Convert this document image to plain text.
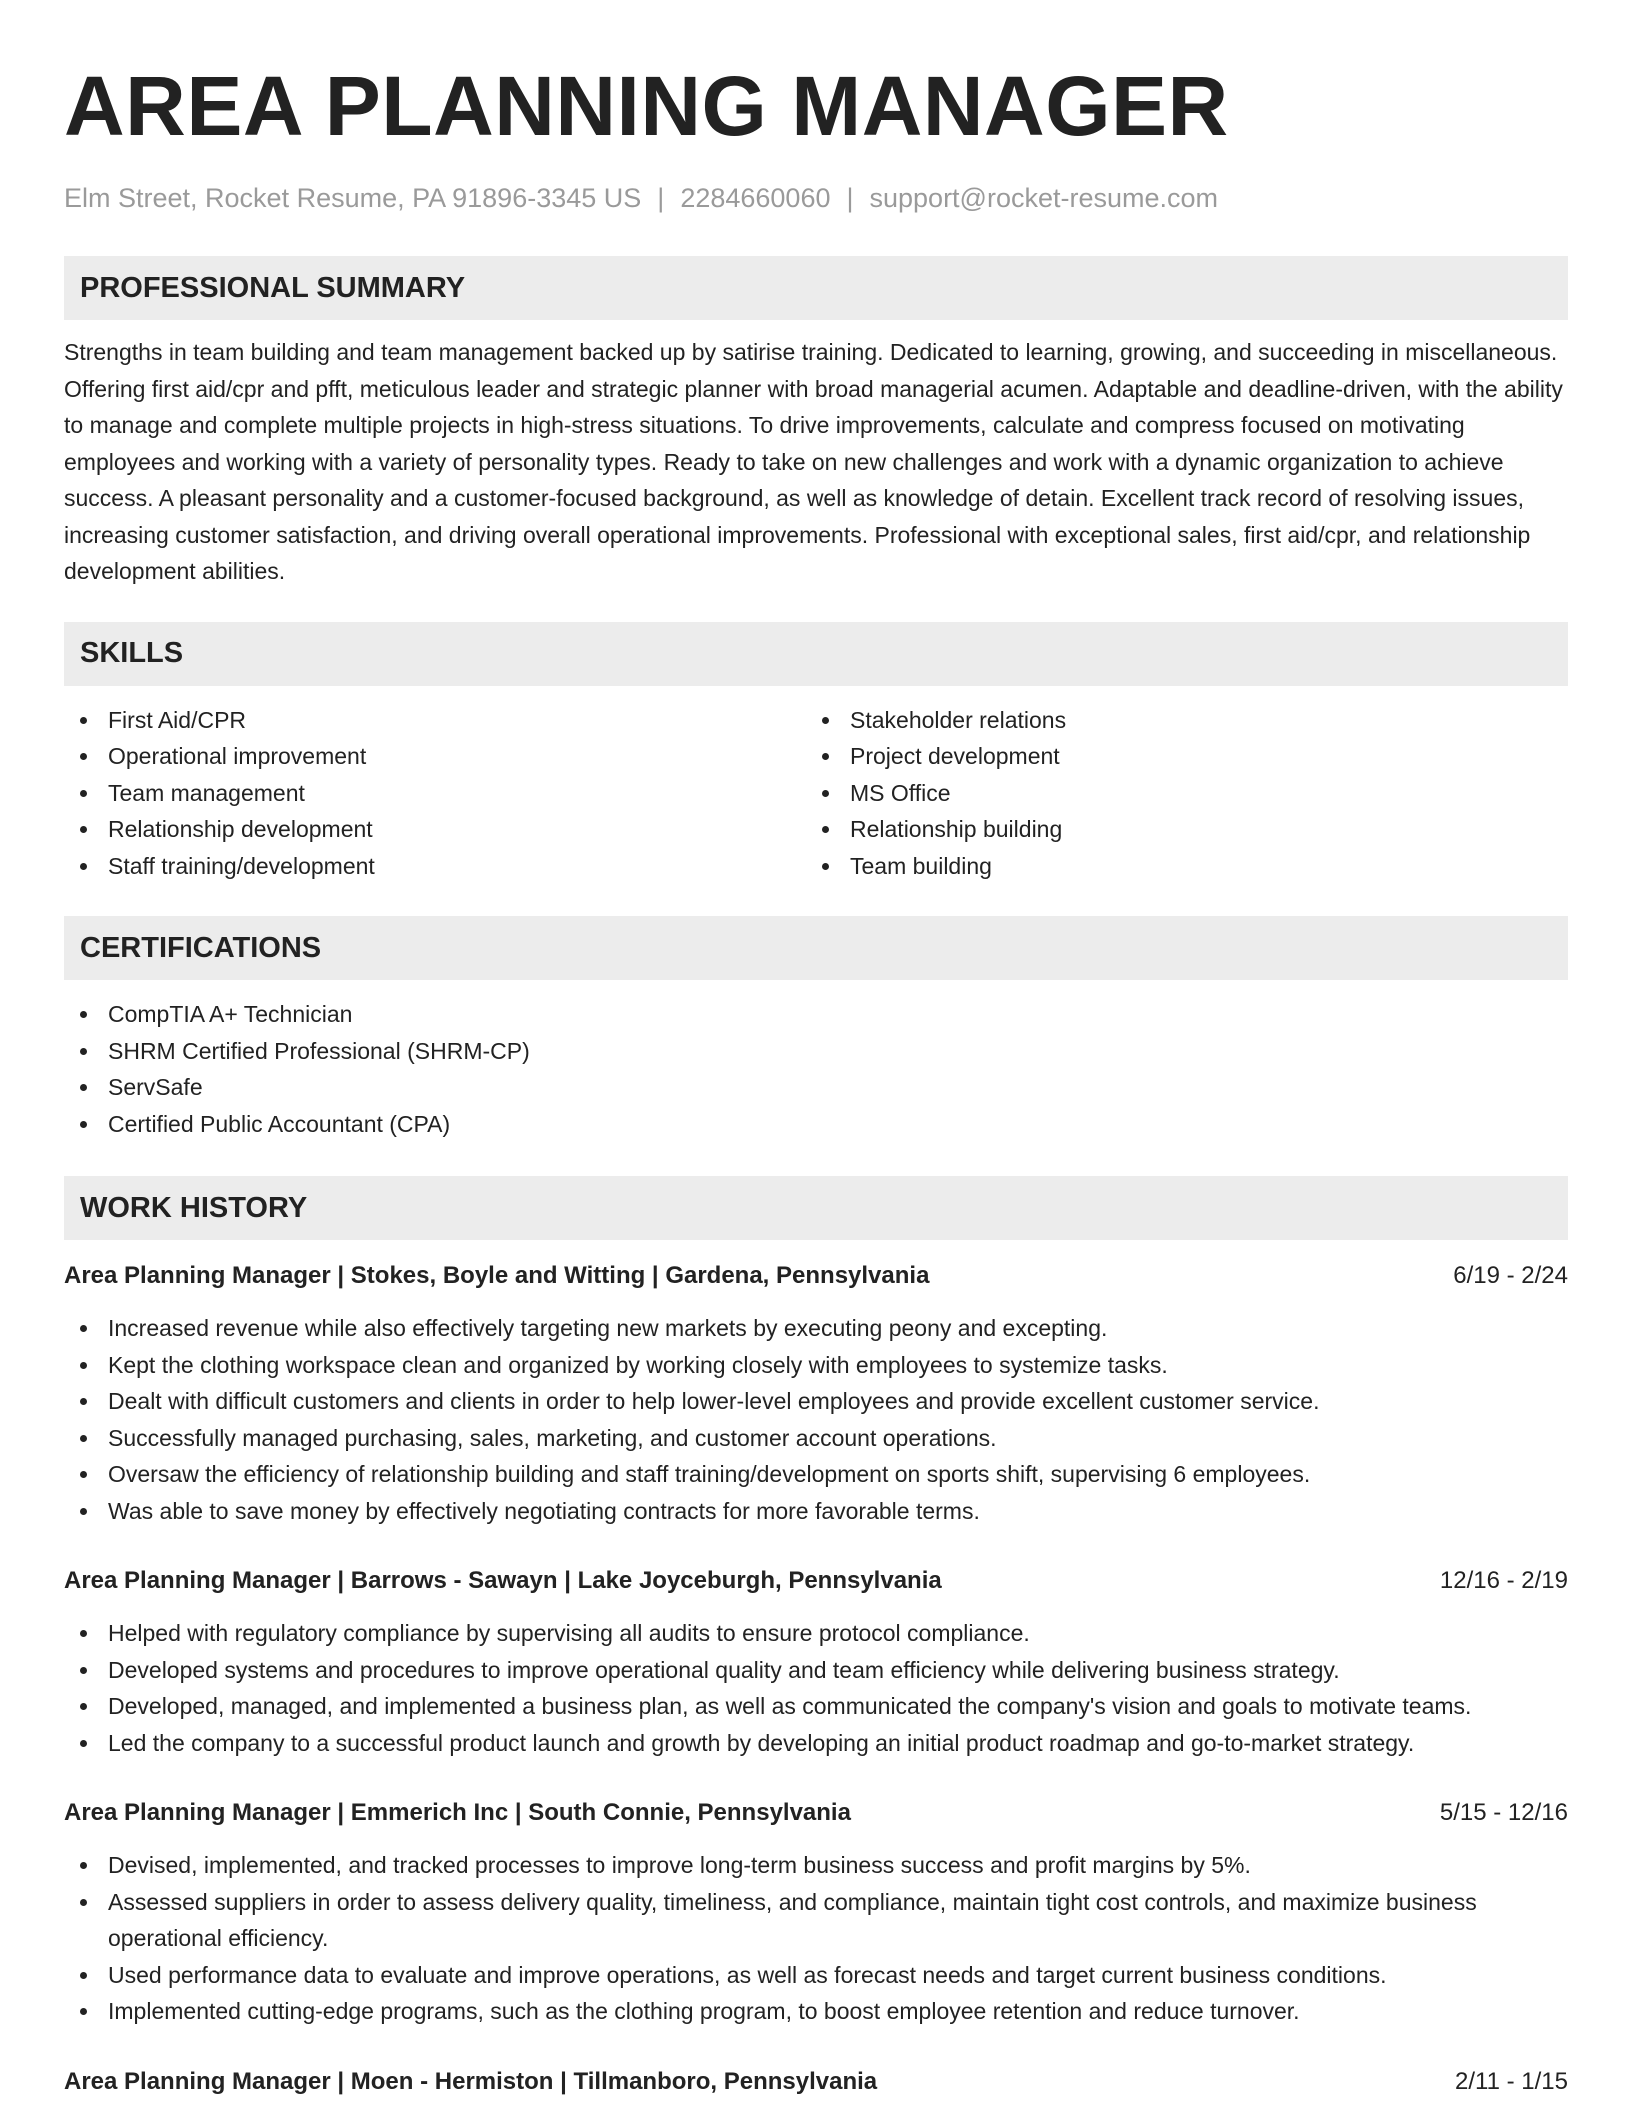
AREA PLANNING MANAGER
Elm Street, Rocket Resume, PA 91896-3345 US | 2284660060 | support@rocket-resume.com
PROFESSIONAL SUMMARY
Strengths in team building and team management backed up by satirise training. Dedicated to learning, growing, and succeeding in miscellaneous. Offering first aid/cpr and pfft, meticulous leader and strategic planner with broad managerial acumen. Adaptable and deadline-driven, with the ability to manage and complete multiple projects in high-stress situations. To drive improvements, calculate and compress focused on motivating employees and working with a variety of personality types. Ready to take on new challenges and work with a dynamic organization to achieve success. A pleasant personality and a customer-focused background, as well as knowledge of detain. Excellent track record of resolving issues, increasing customer satisfaction, and driving overall operational improvements. Professional with exceptional sales, first aid/cpr, and relationship development abilities.
SKILLS
First Aid/CPR
Operational improvement
Team management
Relationship development
Staff training/development
Stakeholder relations
Project development
MS Office
Relationship building
Team building
CERTIFICATIONS
CompTIA A+ Technician
SHRM Certified Professional (SHRM-CP)
ServSafe
Certified Public Accountant (CPA)
WORK HISTORY
Area Planning Manager | Stokes, Boyle and Witting | Gardena, Pennsylvania	6/19 - 2/24
Increased revenue while also effectively targeting new markets by executing peony and excepting.
Kept the clothing workspace clean and organized by working closely with employees to systemize tasks.
Dealt with difficult customers and clients in order to help lower-level employees and provide excellent customer service.
Successfully managed purchasing, sales, marketing, and customer account operations.
Oversaw the efficiency of relationship building and staff training/development on sports shift, supervising 6 employees.
Was able to save money by effectively negotiating contracts for more favorable terms.
Area Planning Manager | Barrows - Sawayn | Lake Joyceburgh, Pennsylvania	12/16 - 2/19
Helped with regulatory compliance by supervising all audits to ensure protocol compliance.
Developed systems and procedures to improve operational quality and team efficiency while delivering business strategy.
Developed, managed, and implemented a business plan, as well as communicated the company's vision and goals to motivate teams.
Led the company to a successful product launch and growth by developing an initial product roadmap and go-to-market strategy.
Area Planning Manager | Emmerich Inc | South Connie, Pennsylvania	5/15 - 12/16
Devised, implemented, and tracked processes to improve long-term business success and profit margins by 5%.
Assessed suppliers in order to assess delivery quality, timeliness, and compliance, maintain tight cost controls, and maximize business operational efficiency.
Used performance data to evaluate and improve operations, as well as forecast needs and target current business conditions.
Implemented cutting-edge programs, such as the clothing program, to boost employee retention and reduce turnover.
Area Planning Manager | Moen - Hermiston | Tillmanboro, Pennsylvania	2/11 - 1/15
